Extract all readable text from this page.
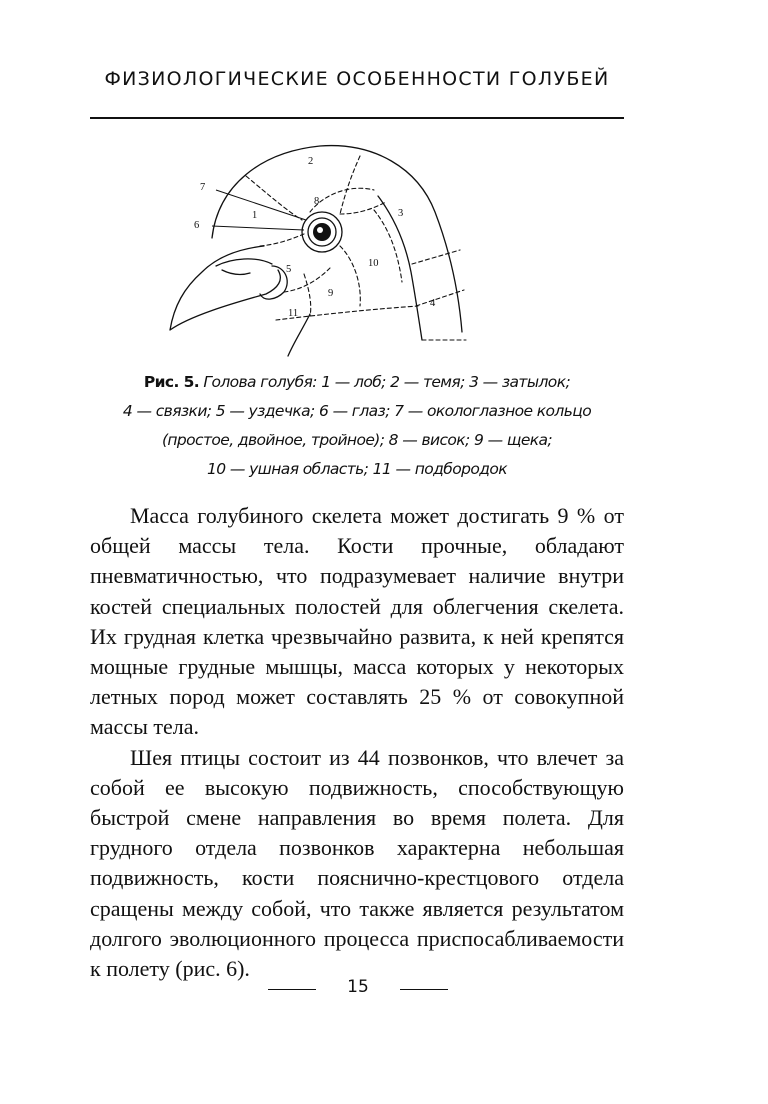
ФИЗИОЛОГИЧЕСКИЕ ОСОБЕННОСТИ ГОЛУБЕЙ
1
2
3
4
5
6
7
8
9
10
11
Рис. 5. Голова голубя: 1 — лоб; 2 — темя; 3 — затылок;
4 — связки; 5 — уздечка; 6 — глаз; 7 — окологлазное кольцо
(простое, двойное, тройное); 8 — висок; 9 — щека;
10 — ушная область; 11 — подбородок

Масса голубиного скелета может достигать 9 % от общей массы тела. Кости прочные, обладают пневматичностью, что подразумевает наличие внутри костей специальных полостей для облегчения скелета. Их грудная клетка чрезвычайно развита, к ней крепятся мощные грудные мышцы, масса которых у некоторых летных пород может составлять 25 % от совокупной массы тела.

Шея птицы состоит из 44 позвонков, что влечет за собой ее высокую подвижность, способствующую быстрой смене направления во время полета. Для грудного отдела позвонков характерна небольшая подвижность, кости пояснично-крестцового отдела сращены между собой, что также является результатом долгого эволюционного процесса приспосабливаемости к полету (рис. 6).

15
